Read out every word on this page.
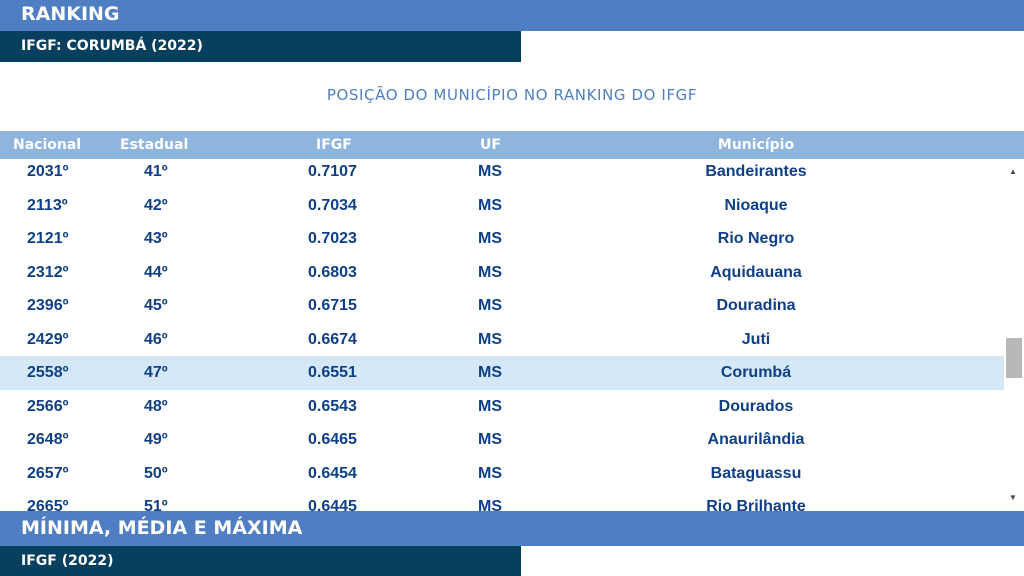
RANKING
IFGF: CORUMBÁ (2022)
POSIÇÃO DO MUNICÍPIO NO RANKING DO IFGF
Nacional	Estadual	IFGF	UF	Município
2031º	41º	0.7107	MS	Bandeirantes
2113º	42º	0.7034	MS	Nioaque
2121º	43º	0.7023	MS	Rio Negro
2312º	44º	0.6803	MS	Aquidauana
2396º	45º	0.6715	MS	Douradina
2429º	46º	0.6674	MS	Juti
2558º	47º	0.6551	MS	Corumbá
2566º	48º	0.6543	MS	Dourados
2648º	49º	0.6465	MS	Anaurilândia
2657º	50º	0.6454	MS	Bataguassu
2665º	51º	0.6445	MS	Rio Brilhante
▲
▼
MÍNIMA, MÉDIA E MÁXIMA
IFGF (2022)
